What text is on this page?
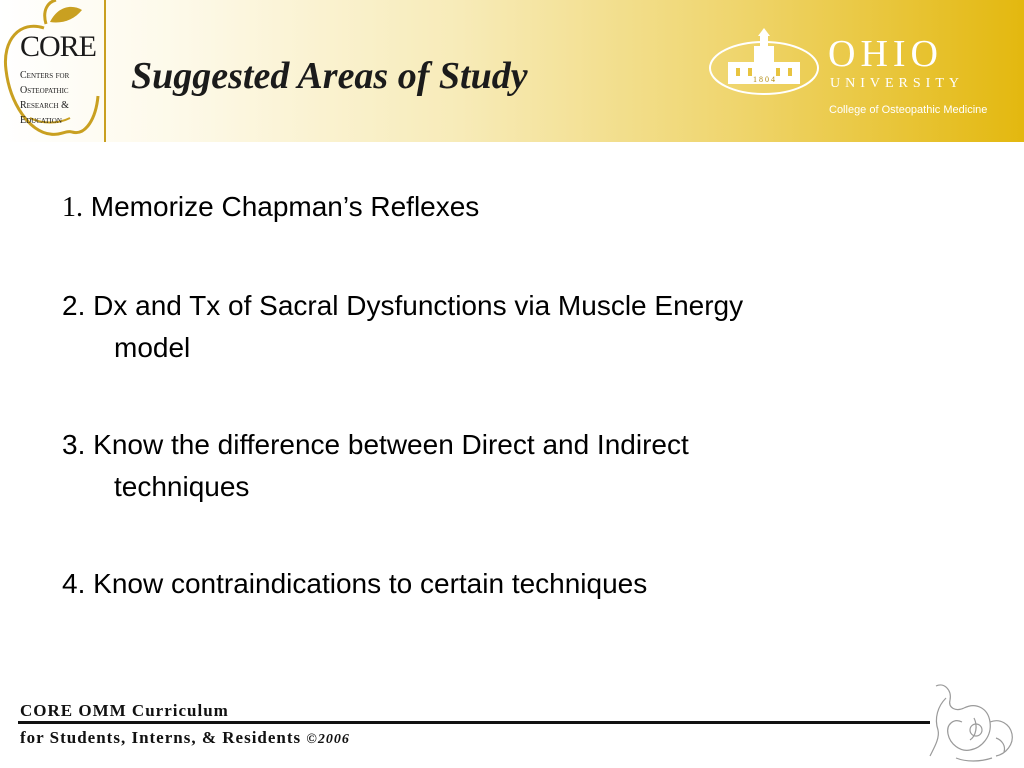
CORE
Centers for
Osteopathic
Research &
Education
Suggested Areas of Study	1 8 0 4
OHIO
UNIVERSITY
College of Osteopathic Medicine
1. Memorize Chapman’s Reflexes
2. Dx and Tx of Sacral Dysfunctions via Muscle Energy
model
3. Know the difference between Direct and Indirect
techniques
4. Know contraindications to certain techniques
CORE OMM Curriculum
for Students, Interns, & Residents ©2006
